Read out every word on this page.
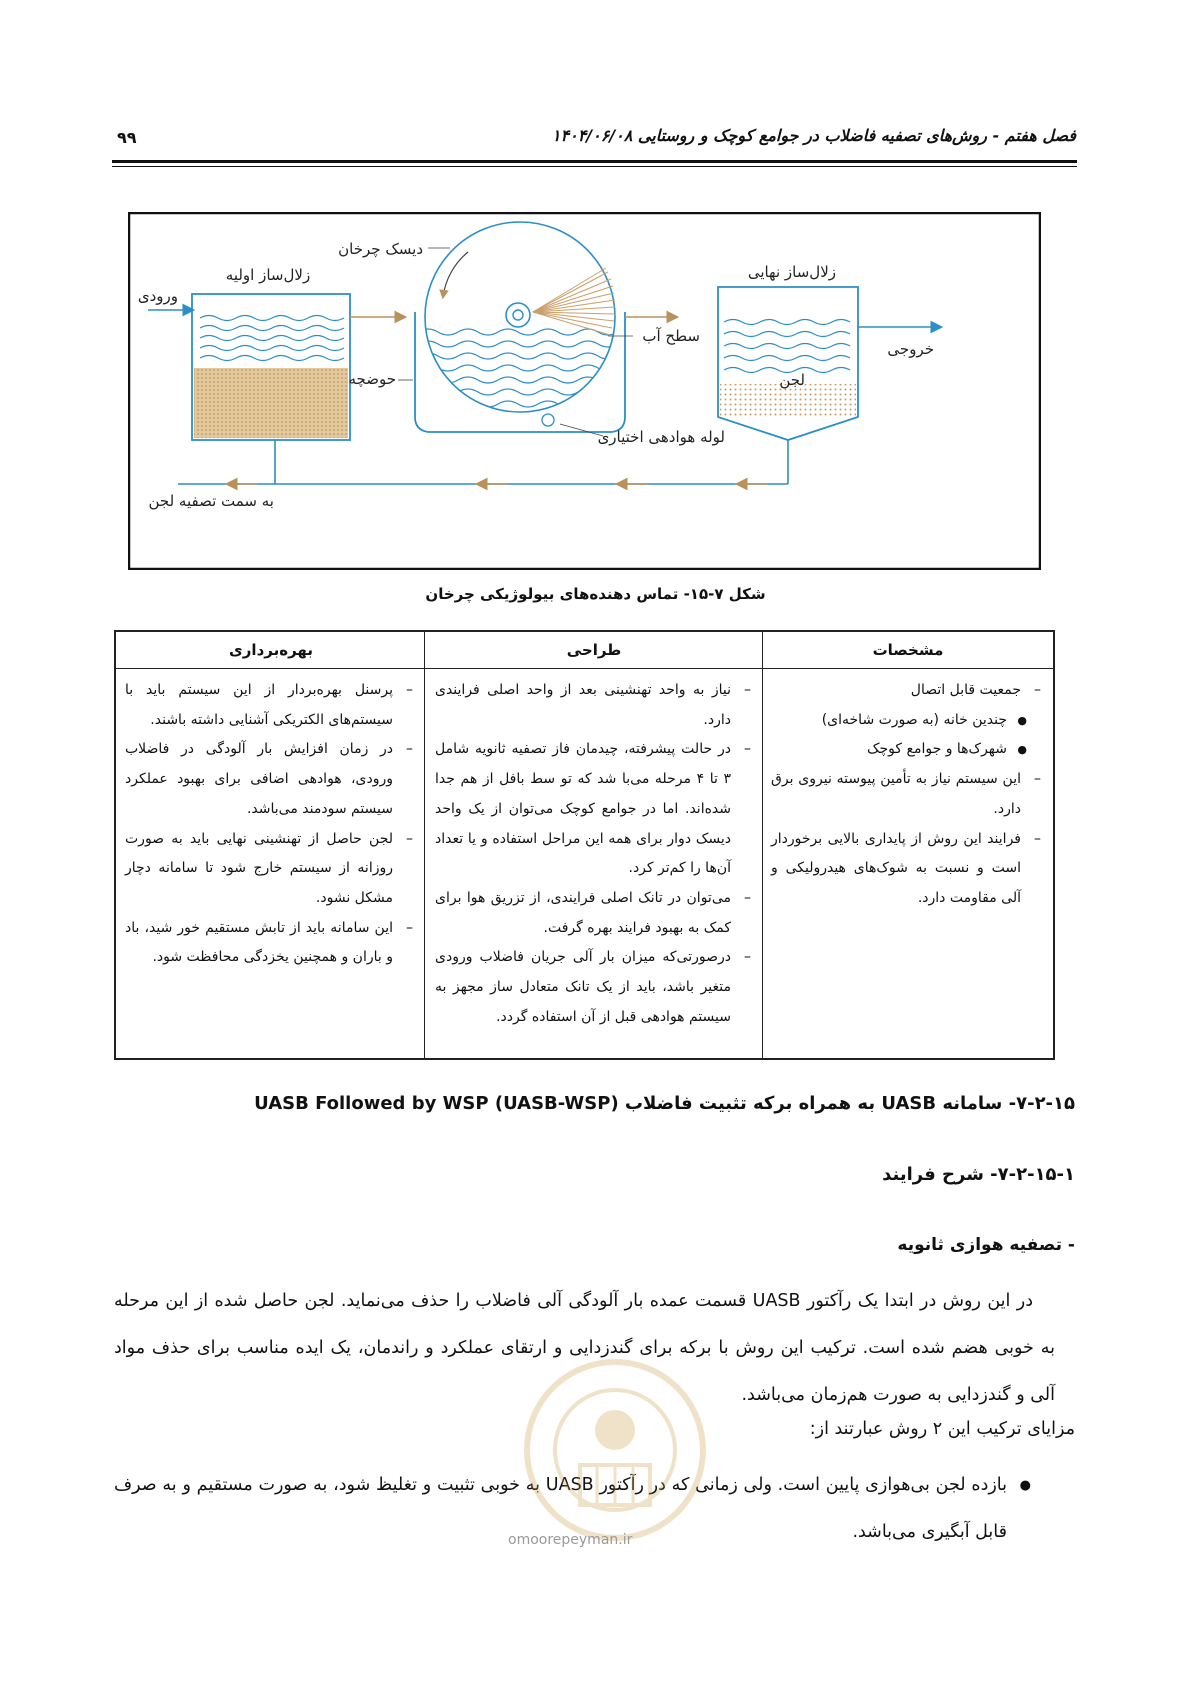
فصل هفتم - روش‌های تصفیه فاضلاب در جوامع کوچک و روستایی ۱۴۰۴/۰۶/۰۸
۹۹
دیسک چرخان
زلال‌ساز اولیه
ورودی
زلال‌ساز نهایی
سطح آب
خروجی
حوضچه	لجن
لوله هوادهی اختیاری
به سمت تصفیه لجن
شکل ۷-۱۵- تماس دهنده‌های بیولوژیکی چرخان
مشخصات
طراحی
بهره‌برداری
– جمعیت قابل اتصال
● چندین خانه (به صورت شاخه‌ای)
● شهرک‌ها و جوامع کوچک
– این سیستم نیاز به تأمین پیوسته نیروی برق دارد.
– فرایند این روش از پایداری بالایی برخوردار است و نسبت به شوک‌های هیدرولیکی و آلی مقاومت دارد.
– نیاز به واحد تهنشینی بعد از واحد اصلی فرایندی دارد.
– در حالت پیشرفته، چیدمان فاز تصفیه ثانویه شامل ۳ تا ۴ مرحله می‌با شد که تو سط بافل از هم جدا شده‌اند. اما در جوامع کوچک می‌توان از یک واحد دیسک دوار برای همه این مراحل استفاده و یا تعداد آن‌ها را کم‌تر کرد.
– می‌توان در تانک اصلی فرایندی، از تزریق هوا برای کمک به بهبود فرایند بهره گرفت.
– درصورتی‌که میزان بار آلی جریان فاضلاب ورودی متغیر باشد، باید از یک تانک متعادل ساز مجهز به سیستم هوادهی قبل از آن استفاده گردد.
– پرسنل بهره‌بردار از این سیستم باید با سیستم‌های الکتریکی آشنایی داشته باشند.
– در زمان افزایش بار آلودگی در فاضلاب ورودی، هوادهی اضافی برای بهبود عملکرد سیستم سودمند می‌باشد.
– لجن حاصل از تهنشینی نهایی باید به صورت روزانه از سیستم خارج شود تا سامانه دچار مشکل نشود.
– این سامانه باید از تابش مستقیم خور شید، باد و باران و همچنین یخزدگی محافظت شود.
۷-۲-۱۵- سامانه UASB به همراه برکه تثبیت فاضلاب (UASB Followed by WSP (UASB-WSP
۷-۲-۱۵-۱- شرح فرایند
- تصفیه هوازی ثانویه
در این روش در ابتدا یک رآکتور UASB قسمت عمده بار آلودگی آلی فاضلاب را حذف می‌نماید. لجن حاصل شده از این مرحله به خوبی هضم شده است. ترکیب این روش با برکه برای گندزدایی و ارتقای عملکرد و راندمان، یک ایده مناسب برای حذف مواد آلی و گندزدایی به صورت هم‌زمان می‌باشد.
مزایای ترکیب این ۲ روش عبارتند از:
● بازده لجن بی‌هوازی پایین است. ولی زمانی که در رآکتور UASB به خوبی تثبیت و تغلیظ شود، به صورت مستقیم و به صرف قابل آبگیری می‌باشد.
omoorepeyman.ir
